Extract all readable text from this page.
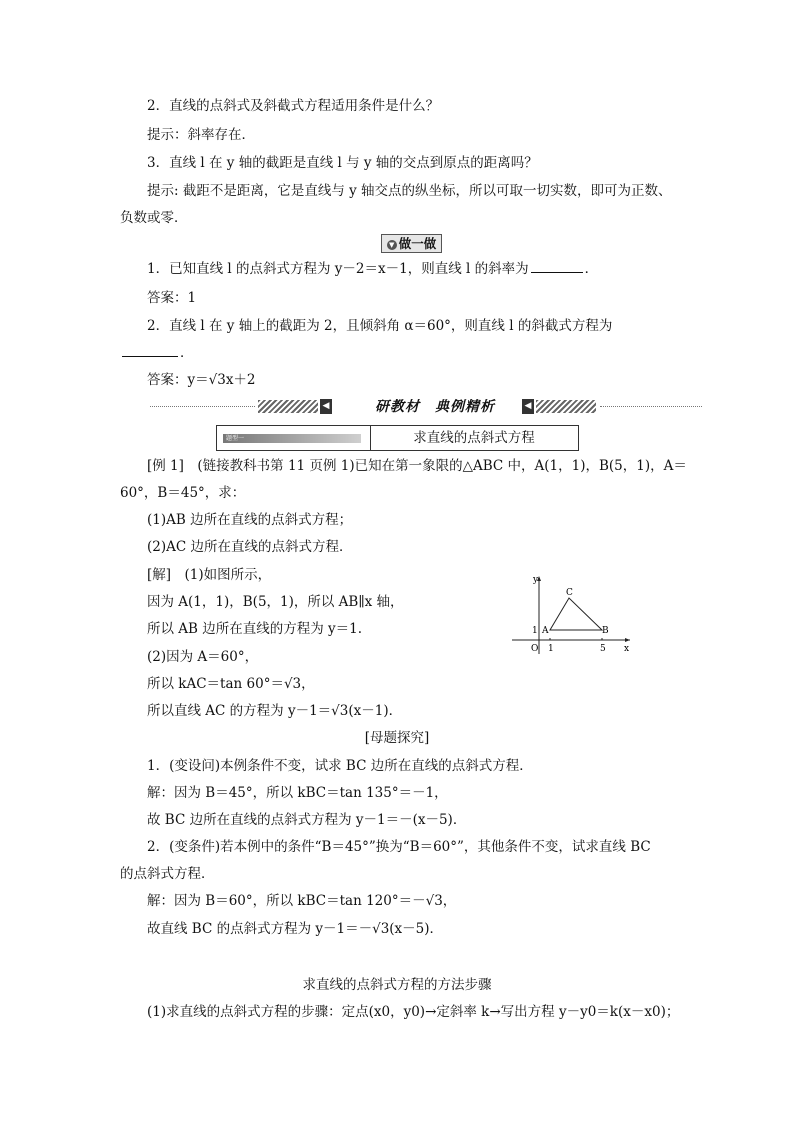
2．直线的点斜式及斜截式方程适用条件是什么？
提示：斜率存在．
3．直线 l 在 y 轴的截距是直线 l 与 y 轴的交点到原点的距离吗？
提示: 截距不是距离，它是直线与 y 轴交点的纵坐标，所以可取一切实数，即可为正数、
负数或零．
▼ 做一做
1．已知直线 l 的点斜式方程为 y－2＝x－1，则直线 l 的斜率为	．
答案：1
2．直线 l 在 y 轴上的截距为 2，且倾斜角 α＝60°，则直线 l 的斜截式方程为
．
答案：y＝√3x＋2
◀	研教材　典例精析	◀
题型一	求直线的点斜式方程
[例 1]　(链接教科书第 11 页例 1)已知在第一象限的△ABC 中，A(1，1)，B(5，1)，A＝
60°，B＝45°，求：
(1)AB 边所在直线的点斜式方程；
(2)AC 边所在直线的点斜式方程．
[解]　(1)如图所示，
因为 A(1，1)，B(5，1)，所以 AB∥x 轴，
所以 AB 边所在直线的方程为 y＝1.
(2)因为 A＝60°，
所以 kAC＝tan 60°＝√3，
所以直线 AC 的方程为 y－1＝√3(x－1)．
y
x
O 1	5
1 A	B
C
[母题探究]
1．(变设问)本例条件不变，试求 BC 边所在直线的点斜式方程．
解：因为 B＝45°，所以 kBC＝tan 135°＝－1，
故 BC 边所在直线的点斜式方程为 y－1＝－(x－5)．
2．(变条件)若本例中的条件“B＝45°”换为“B＝60°”，其他条件不变，试求直线 BC
的点斜式方程．
解：因为 B＝60°，所以 kBC＝tan 120°＝－√3，
故直线 BC 的点斜式方程为 y－1＝－√3(x－5)．
求直线的点斜式方程的方法步骤
(1)求直线的点斜式方程的步骤：定点(x0，y0)→定斜率 k→写出方程 y－y0＝k(x－x0)；
